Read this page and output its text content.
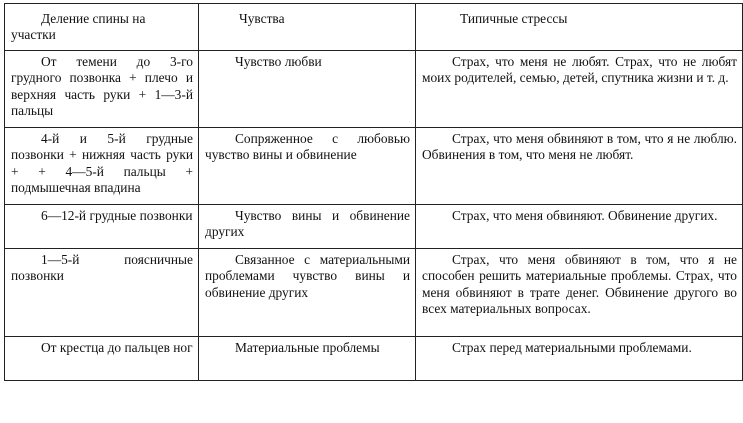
Деление спины на участки	Чувства	Типичные стрессы
От темени до 3-го грудного позвонка + плечо и верхняя часть руки + 1—3-й пальцы	Чувство любви	Страх, что меня не любят. Страх, что не любят моих родителей, семью, детей, спутника жизни и т. д.
4-й и 5-й грудные позвонки + нижняя часть руки + + 4—5-й пальцы + подмышечная впадина	Сопряженное с любовью чувство вины и обвинение	Страх, что меня обвиняют в том, что я не люблю. Обвинения в том, что меня не любят.
6—12-й грудные позвонки	Чувство вины и обвинение других	Страх, что меня обвиняют. Обвинение других.
1—5-й поясничные позвонки	Связанное с материальными проблемами чувство вины и обвинение других	Страх, что меня обвиняют в том, что я не способен решить материальные проблемы. Страх, что меня обвиняют в трате денег. Обвинение другого во всех материальных вопросах.
От крестца до пальцев ног	Материальные проблемы	Страх перед материальными проблемами.
